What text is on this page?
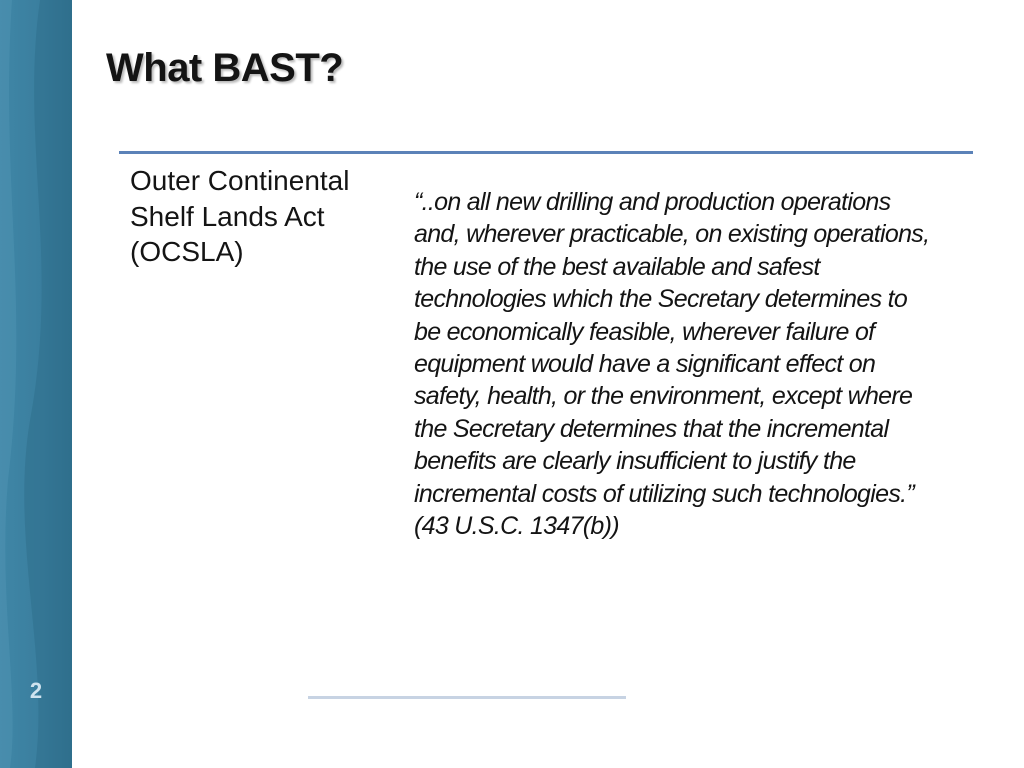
2
What BAST?
Outer Continental Shelf Lands Act (OCSLA)
“..on all new drilling and production operations and, wherever practicable, on existing operations, the use of the best available and safest technologies which the Secretary determines to be economically feasible, wherever failure of equipment would have a significant effect on safety, health, or the environment, except where the Secretary determines that the incremental benefits are clearly insufficient to justify the incremental costs of utilizing such technologies.” (43 U.S.C. 1347(b))
